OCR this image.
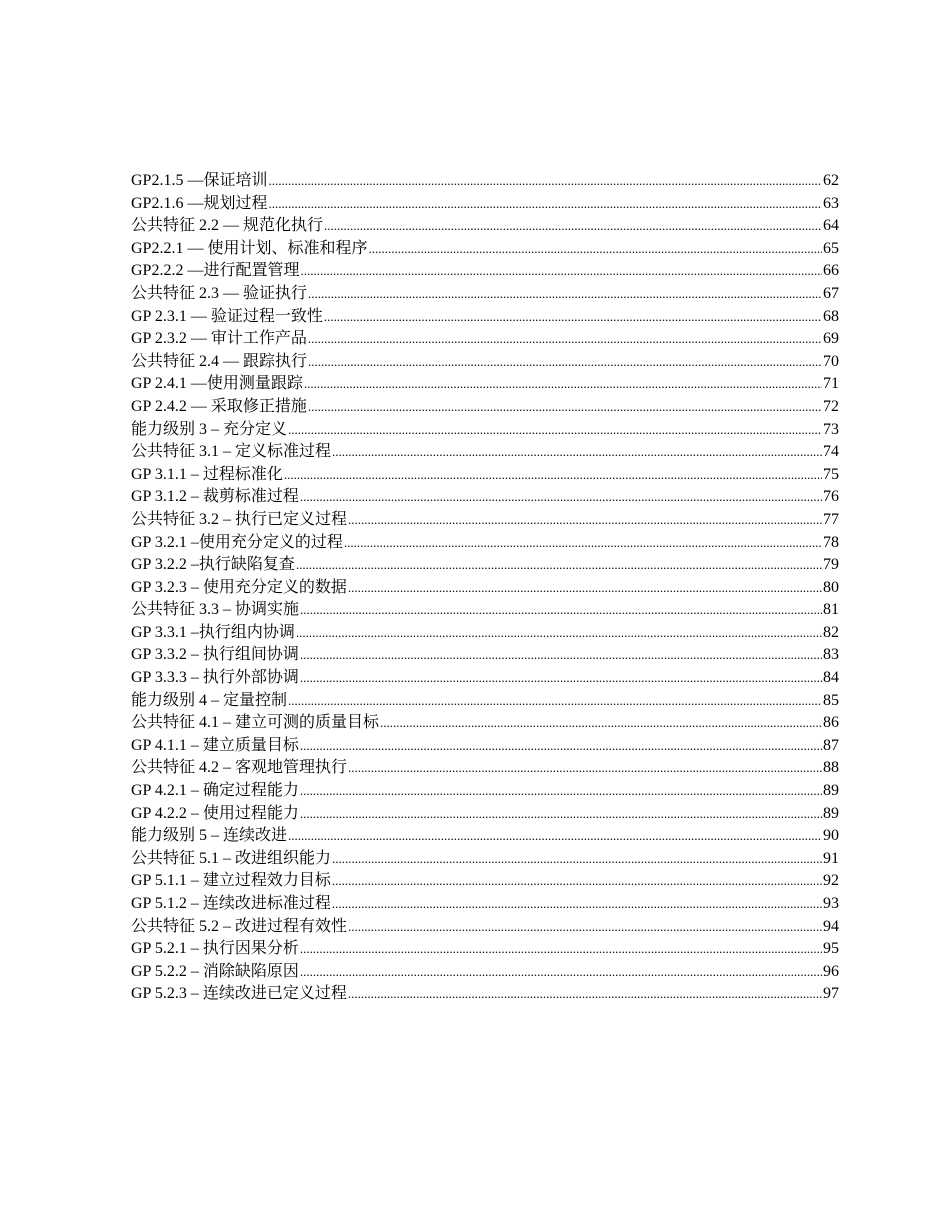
GP2.1.5 —保证培训 .....	62
GP2.1.6 —规划过程 .....	63
公共特征 2.2 — 规范化执行 .....	64
GP2.2.1 — 使用计划、标准和程序 .....	65
GP2.2.2 —进行配置管理 .....	66
公共特征 2.3 — 验证执行 .....	67
GP 2.3.1 — 验证过程一致性 .....	68
GP 2.3.2 — 审计工作产品 .....	69
公共特征 2.4 — 跟踪执行 .....	70
GP 2.4.1 —使用测量跟踪 .....	71
GP 2.4.2 — 采取修正措施 .....	72
能力级别 3 – 充分定义 .....	73
公共特征 3.1 – 定义标准过程 .....	74
GP 3.1.1 – 过程标准化 .....	75
GP 3.1.2 – 裁剪标准过程 .....	76
公共特征 3.2 – 执行已定义过程 .....	77
GP 3.2.1 –使用充分定义的过程 .....	78
GP 3.2.2 –执行缺陷复查 .....	79
GP 3.2.3 – 使用充分定义的数据 .....	80
公共特征 3.3 – 协调实施 .....	81
GP 3.3.1 –执行组内协调 .....	82
GP 3.3.2 – 执行组间协调 .....	83
GP 3.3.3 – 执行外部协调 .....	84
能力级别 4 – 定量控制 .....	85
公共特征 4.1 – 建立可测的质量目标 .....	86
GP 4.1.1 – 建立质量目标 .....	87
公共特征 4.2 – 客观地管理执行 .....	88
GP 4.2.1 – 确定过程能力 .....	89
GP 4.2.2 – 使用过程能力 .....	89
能力级别 5 – 连续改进 .....	90
公共特征 5.1 – 改进组织能力 .....	91
GP 5.1.1 – 建立过程效力目标 .....	92
GP 5.1.2 – 连续改进标准过程 .....	93
公共特征 5.2 – 改进过程有效性 .....	94
GP 5.2.1 – 执行因果分析 .....	95
GP 5.2.2 – 消除缺陷原因 .....	96
GP 5.2.3 – 连续改进已定义过程 .....	97
